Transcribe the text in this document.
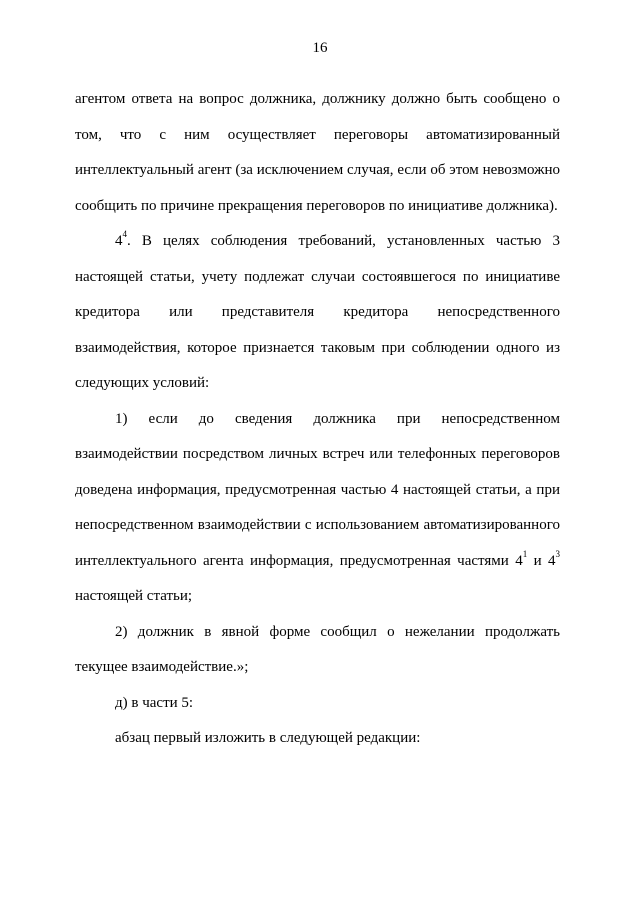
16

агентом ответа на вопрос должника, должнику должно быть сообщено о том, что с ним осуществляет переговоры автоматизированный интеллектуальный агент (за исключением случая, если об этом невозможно сообщить по причине прекращения переговоров по инициативе должника).

$4^4$. В целях соблюдения требований, установленных частью 3 настоящей статьи, учету подлежат случаи состоявшегося по инициативе кредитора или представителя кредитора непосредственного взаимодействия, которое признается таковым при соблюдении одного из следующих условий:

1) если до сведения должника при непосредственном взаимодействии посредством личных встреч или телефонных переговоров доведена информация, предусмотренная частью 4 настоящей статьи, а при непосредственном взаимодействии с использованием автоматизированного интеллектуального агента информация, предусмотренная частями $4^1$ и $4^3$ настоящей статьи;

2) должник в явной форме сообщил о нежелании продолжать текущее взаимодействие.»;

д) в части 5:

абзац первый изложить в следующей редакции:
